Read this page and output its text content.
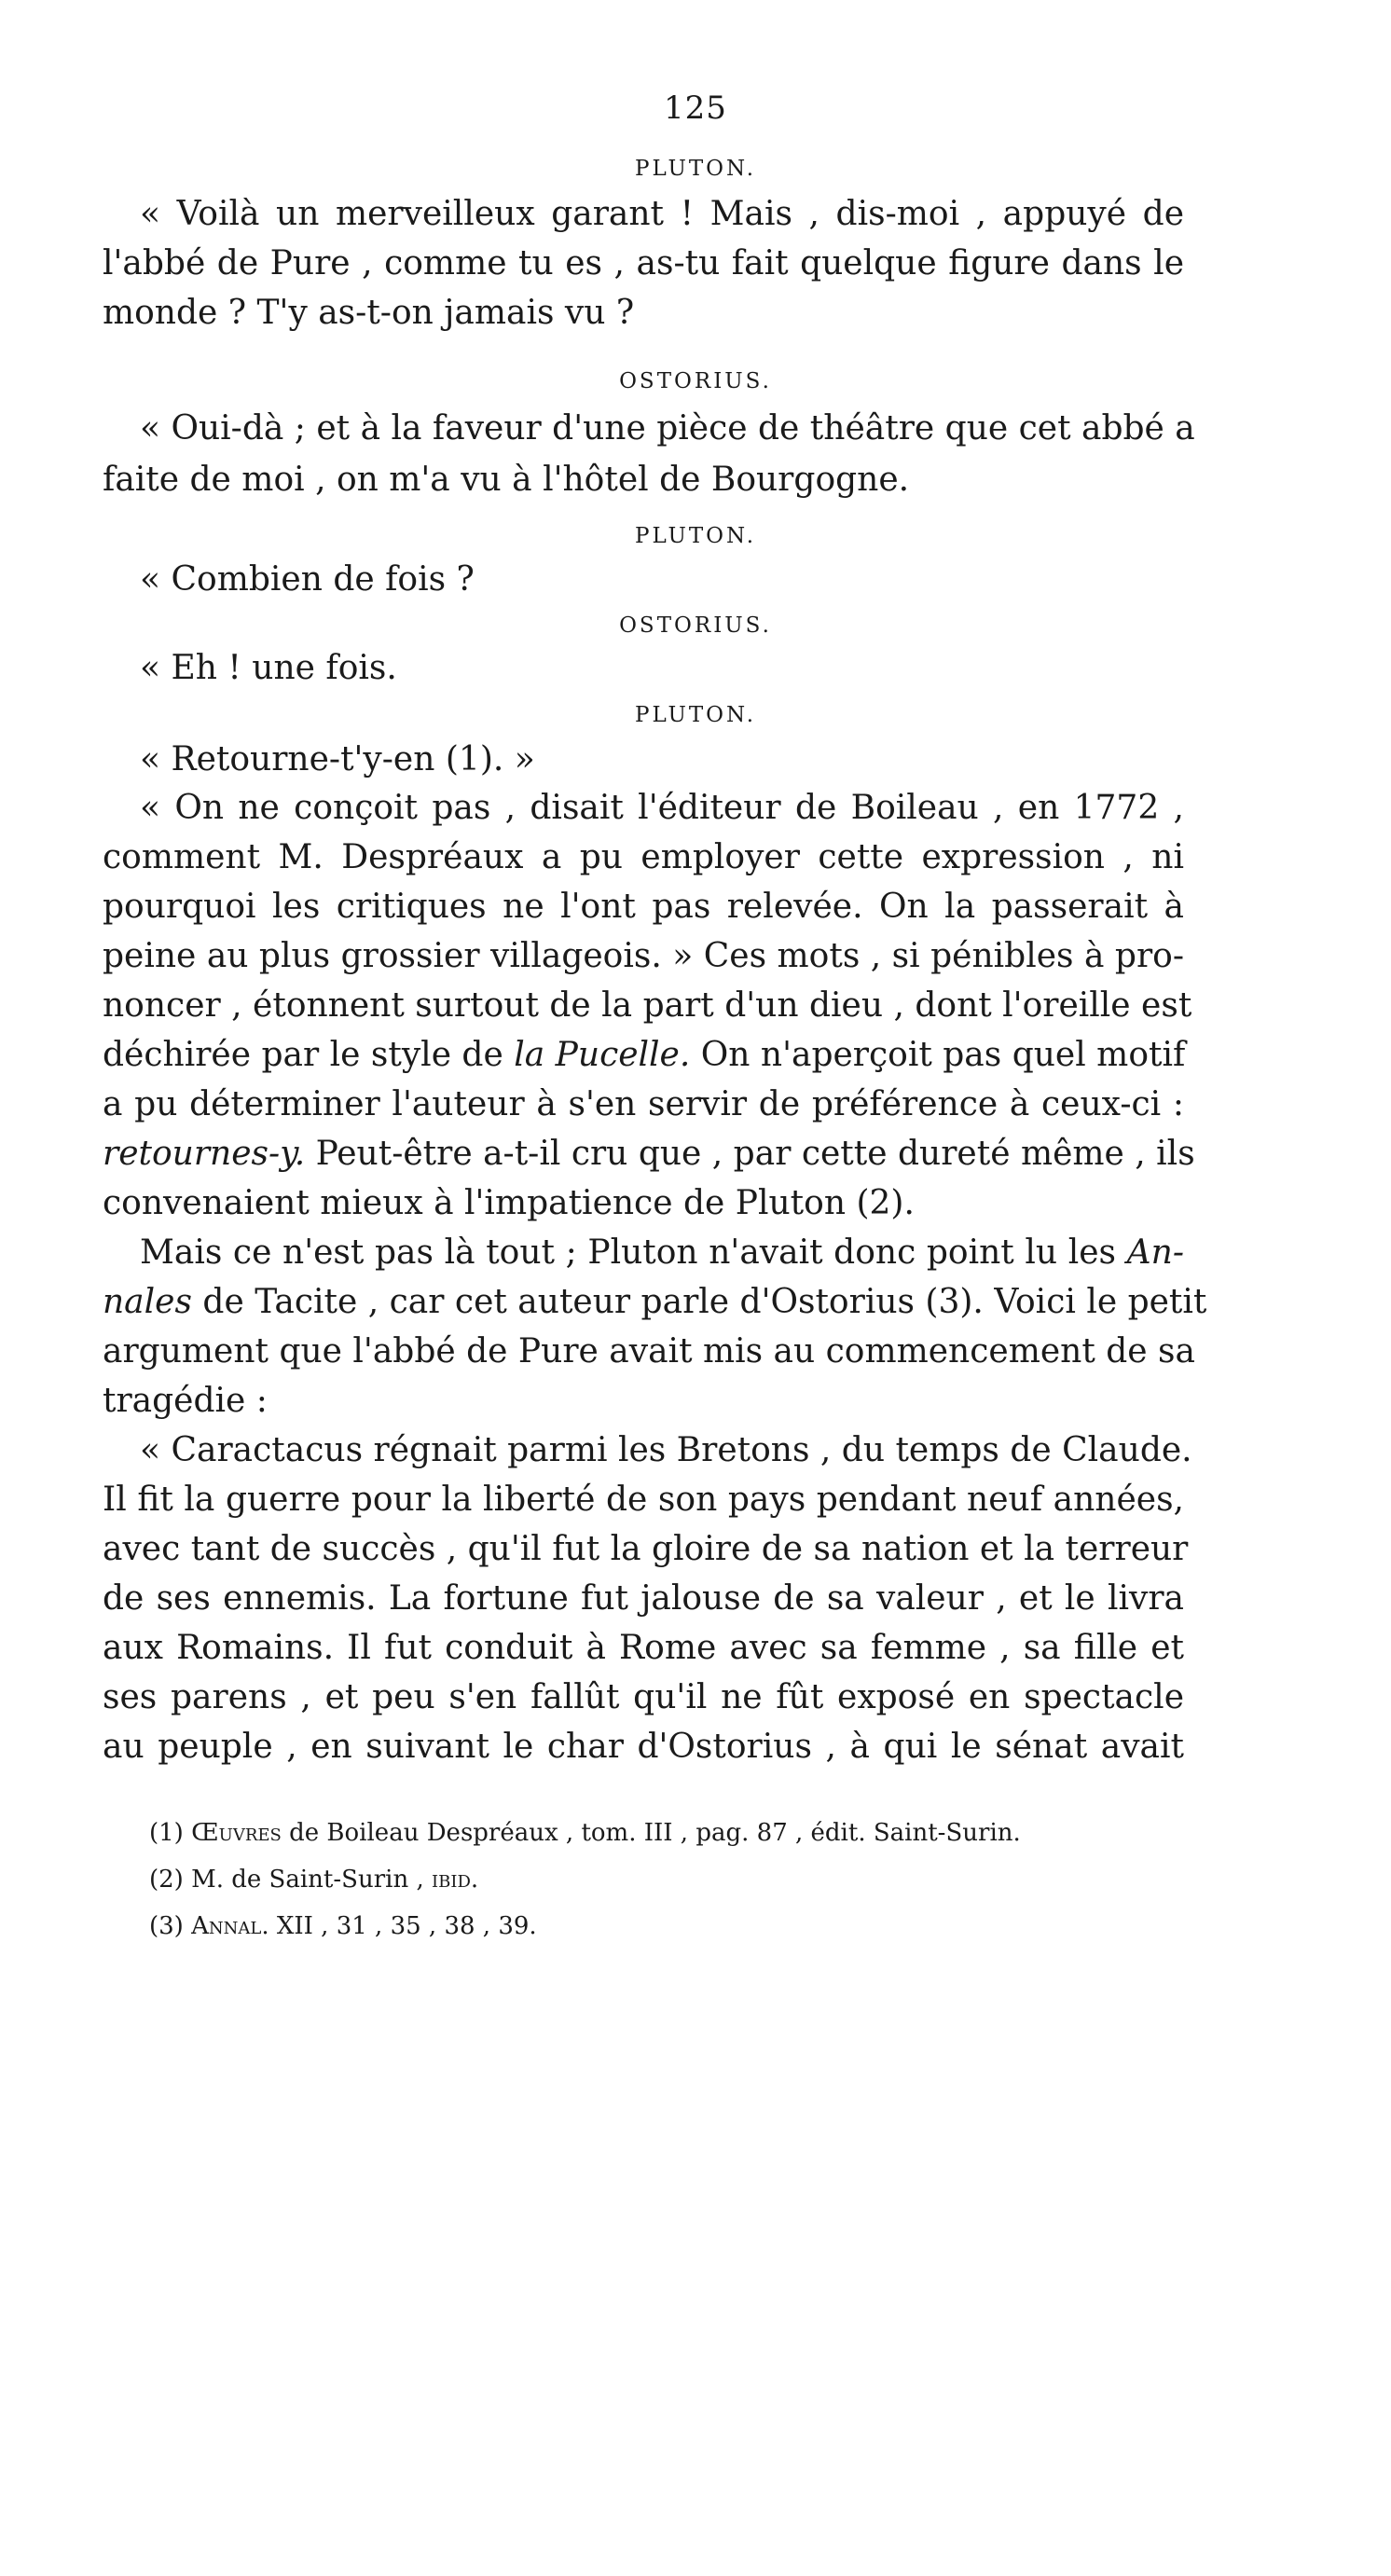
125
PLUTON.
« Voilà un merveilleux garant ! Mais , dis-moi , appuyé de
l'abbé de Pure , comme tu es , as-tu fait quelque figure dans le
monde ? T'y as-t-on jamais vu ?
OSTORIUS.
« Oui-dà ; et à la faveur d'une pièce de théâtre que cet abbé a
faite de moi , on m'a vu à l'hôtel de Bourgogne.
PLUTON.
« Combien de fois ?
OSTORIUS.
« Eh ! une fois.
PLUTON.
« Retourne-t'y-en (1). »
« On ne conçoit pas , disait l'éditeur de Boileau , en 1772 ,
comment M. Despréaux a pu employer cette expression , ni
pourquoi les critiques ne l'ont pas relevée. On la passerait à
peine au plus grossier villageois. » Ces mots , si pénibles à pro-
noncer , étonnent surtout de la part d'un dieu , dont l'oreille est
déchirée par le style de la Pucelle. On n'aperçoit pas quel motif
a pu déterminer l'auteur à s'en servir de préférence à ceux-ci :
retournes-y. Peut-être a-t-il cru que , par cette dureté même , ils
convenaient mieux à l'impatience de Pluton (2).
Mais ce n'est pas là tout ; Pluton n'avait donc point lu les An-
nales de Tacite , car cet auteur parle d'Ostorius (3). Voici le petit
argument que l'abbé de Pure avait mis au commencement de sa
tragédie :
« Caractacus régnait parmi les Bretons , du temps de Claude.
Il fit la guerre pour la liberté de son pays pendant neuf années,
avec tant de succès , qu'il fut la gloire de sa nation et la terreur
de ses ennemis. La fortune fut jalouse de sa valeur , et le livra
aux Romains. Il fut conduit à Rome avec sa femme , sa fille et
ses parens , et peu s'en fallût qu'il ne fût exposé en spectacle
au peuple , en suivant le char d'Ostorius , à qui le sénat avait
(1) Œuvres de Boileau Despréaux , tom. III , pag. 87 , édit. Saint-Surin.
(2) M. de Saint-Surin , ibid.
(3) Annal. XII , 31 , 35 , 38 , 39.
